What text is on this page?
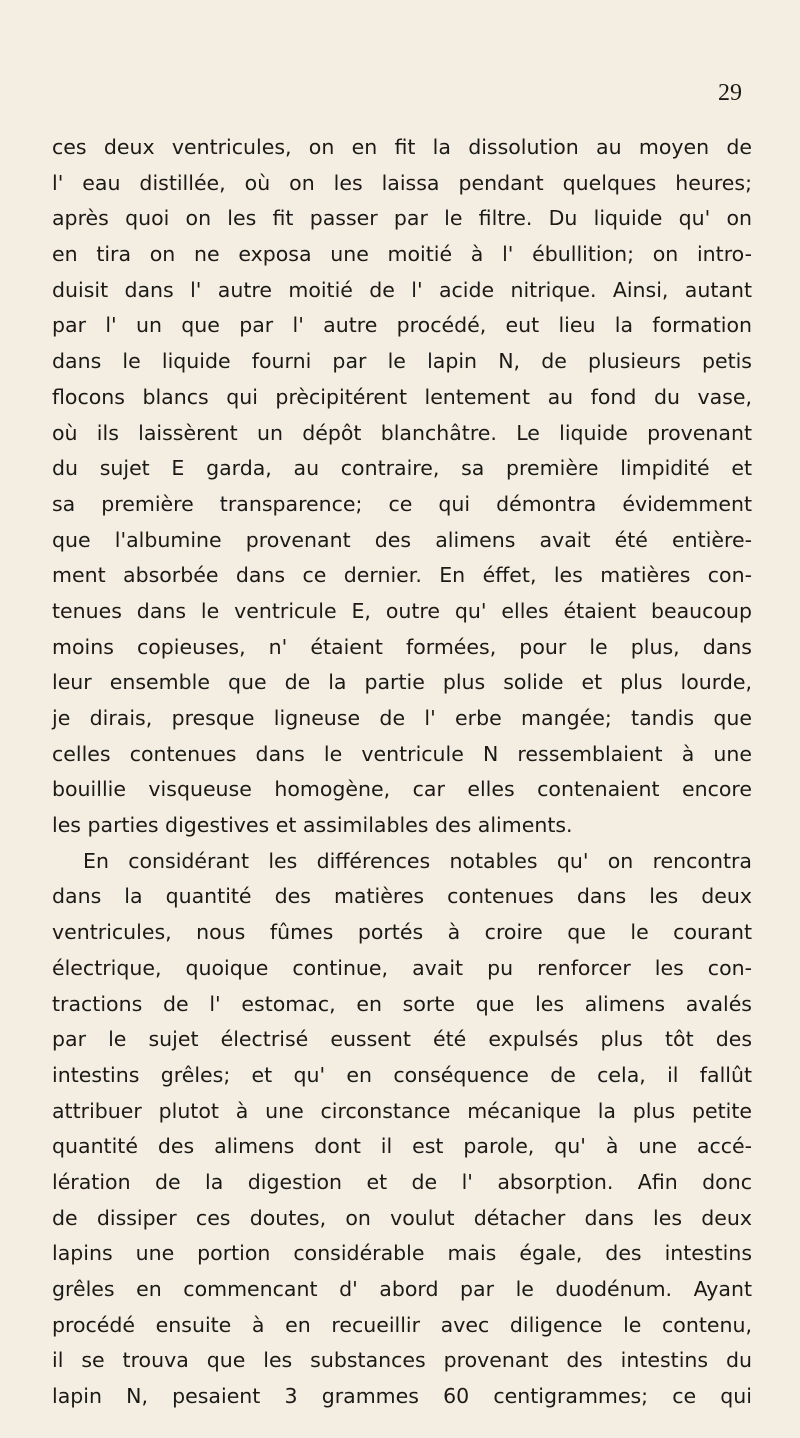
29
ces deux ventricules, on en fit la dissolution au moyen de
l' eau distillée, où on les laissa pendant quelques heures;
après quoi on les fit passer par le filtre. Du liquide qu' on
en tira on ne exposa une moitié à l' ébullition; on intro-
duisit dans l' autre moitié de l' acide nitrique. Ainsi, autant
par l' un que par l' autre procédé, eut lieu la formation
dans le liquide fourni par le lapin N, de plusieurs petis
flocons blancs qui prècipitérent lentement au fond du vase,
où ils laissèrent un dépôt blanchâtre. Le liquide provenant
du sujet E garda, au contraire, sa première limpidité et
sa première transparence; ce qui démontra évidemment
que l'albumine provenant des alimens avait été entière-
ment absorbée dans ce dernier. En éffet, les matières con-
tenues dans le ventricule E, outre qu' elles étaient beaucoup
moins copieuses, n' étaient formées, pour le plus, dans
leur ensemble que de la partie plus solide et plus lourde,
je dirais, presque ligneuse de l' erbe mangée; tandis que
celles contenues dans le ventricule N ressemblaient à une
bouillie visqueuse homogène, car elles contenaient encore
les parties digestives et assimilables des aliments.
En considérant les différences notables qu' on rencontra
dans la quantité des matières contenues dans les deux
ventricules, nous fûmes portés à croire que le courant
électrique, quoique continue, avait pu renforcer les con-
tractions de l' estomac, en sorte que les alimens avalés
par le sujet électrisé eussent été expulsés plus tôt des
intestins grêles; et qu' en conséquence de cela, il fallût
attribuer plutot à une circonstance mécanique la plus petite
quantité des alimens dont il est parole, qu' à une accé-
lération de la digestion et de l' absorption. Afin donc
de dissiper ces doutes, on voulut détacher dans les deux
lapins une portion considérable mais égale, des intestins
grêles en commencant d' abord par le duodénum. Ayant
procédé ensuite à en recueillir avec diligence le contenu,
il se trouva que les substances provenant des intestins du
lapin N, pesaient 3 grammes 60 centigrammes; ce qui
